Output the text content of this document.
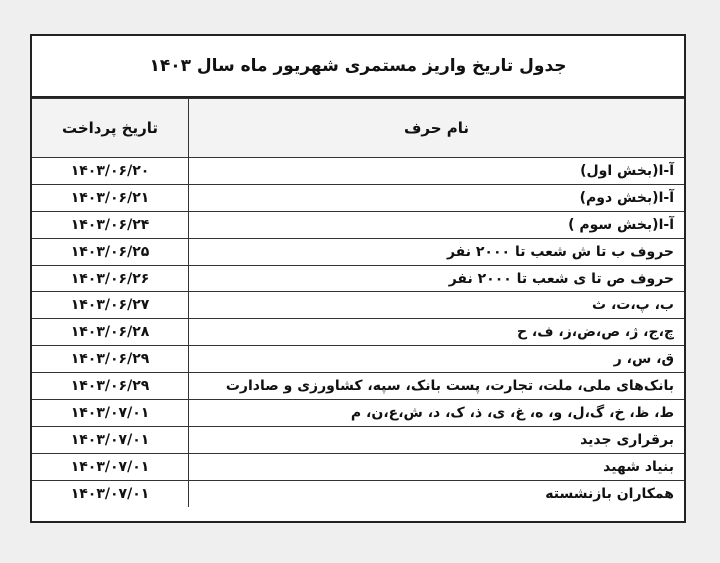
جدول تاریخ واریز مستمری شهریور ماه سال ۱۴۰۳
نام حرف	تاریخ پرداخت
آ-ا(بخش اول)	۱۴۰۳/۰۶/۲۰
آ-ا(بخش دوم)	۱۴۰۳/۰۶/۲۱
آ-ا(بخش سوم )	۱۴۰۳/۰۶/۲۴
حروف ب تا ش شعب تا ۲۰۰۰ نفر	۱۴۰۳/۰۶/۲۵
حروف ص تا ی شعب تا ۲۰۰۰ نفر	۱۴۰۳/۰۶/۲۶
ب، پ،ت، ث	۱۴۰۳/۰۶/۲۷
چ،ج، ژ، ص،ض،ز، ف، ح	۱۴۰۳/۰۶/۲۸
ق، س، ر	۱۴۰۳/۰۶/۲۹
بانک‌های ملی، ملت، تجارت، پست بانک، سپه، کشاورزی و صادارت	۱۴۰۳/۰۶/۲۹
ط، ظ، خ، گ،ل، و، ه، غ، ی، ذ، ک، د، ش،ع،ن، م	۱۴۰۳/۰۷/۰۱
برقراری جدید	۱۴۰۳/۰۷/۰۱
بنیاد شهید	۱۴۰۳/۰۷/۰۱
همکاران بازنشسته	۱۴۰۳/۰۷/۰۱
